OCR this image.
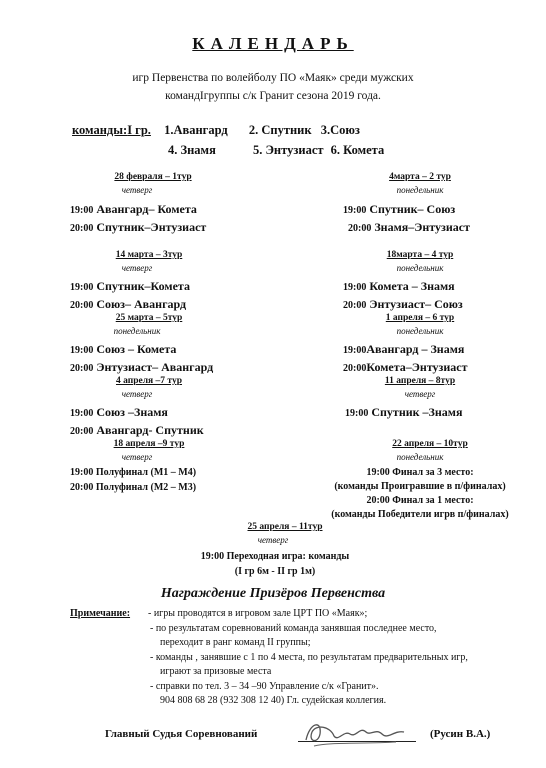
КАЛЕНДАРЬ
игр Первенства по волейболу ПО «Маяк» среди мужских
командIгруппы с/к Гранит сезона 2019 года.
команды:I гр. 1.Авангард 2. Спутник 3.Союз
4. Знамя	5. Энтузиаст 6. Комета
28 февраля – 1тур
четверг
19:00 Авангард– Комета
20:00 Спутник–Энтузиаст
4марта – 2 тур
понедельник
19:00 Спутник– Союз
20:00 Знамя–Энтузиаст
14 марта – 3тур
четверг
19:00 Спутник–Комета
20:00 Союз– Авангард
18марта – 4 тур
понедельник
19:00 Комета – Знамя
20:00 Энтузиаст– Союз
25 марта – 5тур
понедельник
19:00 Союз – Комета
20:00 Энтузиаст– Авангард
1 апреля – 6 тур
понедельник
19:00Авангард – Знамя
20:00Комета–Энтузиаст
4 апреля –7 тур
четверг
19:00 Союз –Знамя
20:00 Авангард- Спутник
11 апреля – 8тур
четверг
19:00 Спутник –Знамя
18 апреля –9 тур
четверг
19:00 Полуфинал (М1 – М4)
20:00 Полуфинал (М2 – М3)
22 апреля – 10тур
понедельник
19:00 Финал за 3 место:
(команды Проигравшие в п/финалах)
20:00 Финал за 1 место:
(команды Победители игрв п/финалах)
25 апреля – 11тур
четверг
19:00 Переходная игра: команды
(I гр 6м - II гр 1м)
Награждение Призёров Первенства
Примечание: - игры проводятся в игровом зале ЦРТ ПО «Маяк»;
- по результатам соревнований команда занявшая последнее место,
переходит в ранг команд II группы;
- команды , занявшие с 1 по 4 места, по результатам предварительных игр,
играют за призовые места
- справки по тел. 3 – 34 –90 Управление с/к «Гранит».
904 808 68 28 (932 308 12 40) Гл. судейская коллегия.
Главный Судья Соревнований	(Русин В.А.)
